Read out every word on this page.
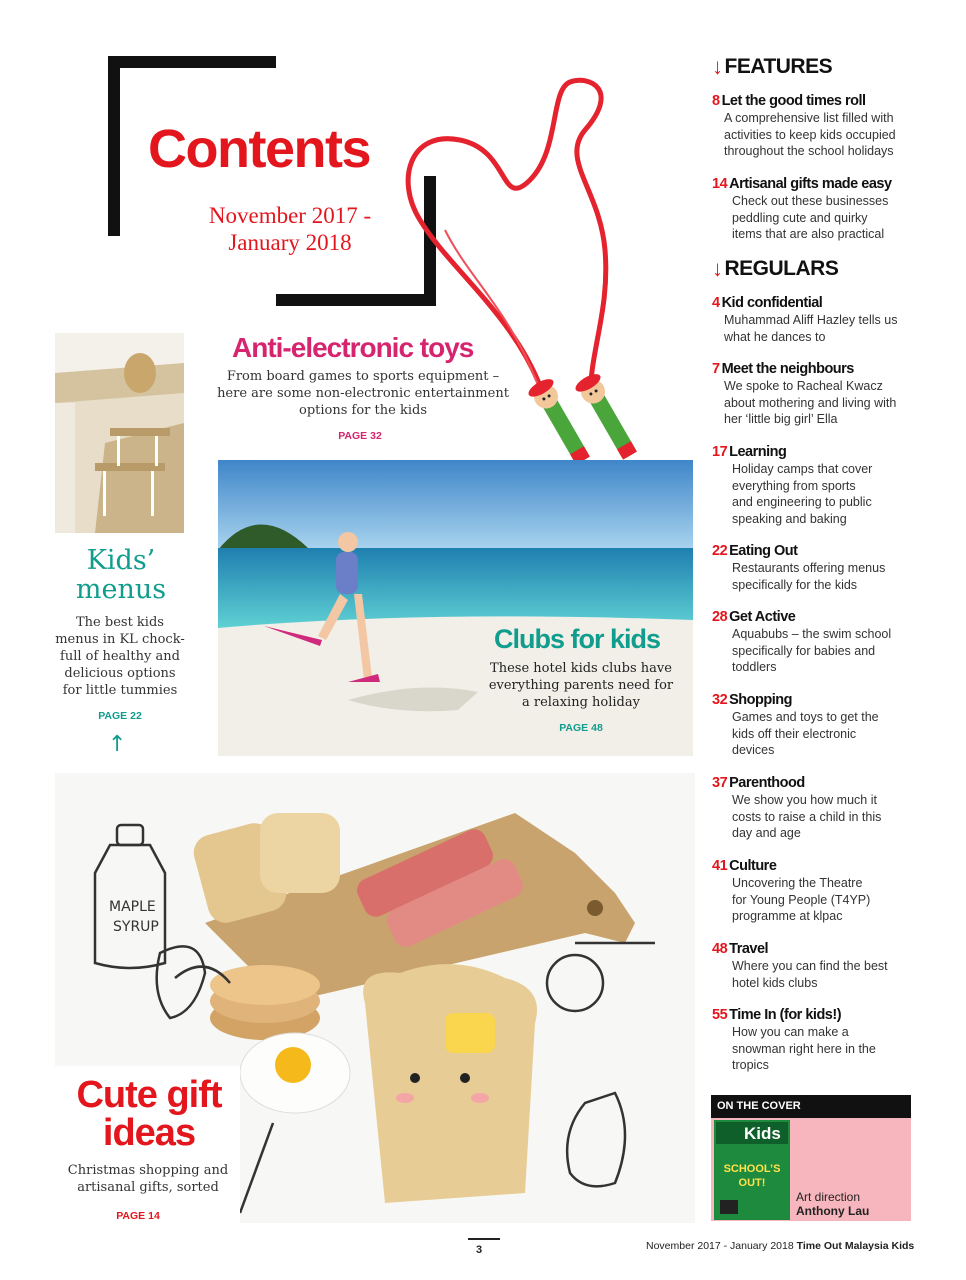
Contents
November 2017 -
January 2018
↓ FEATURES
8 Let the good times roll
A comprehensive list filled with
activities to keep kids occupied
throughout the school holidays
14 Artisanal gifts made easy
Check out these businesses
peddling cute and quirky
items that are also practical
↓ REGULARS
4 Kid confidential
Muhammad Aliff Hazley tells us
what he dances to
7 Meet the neighbours
We spoke to Racheal Kwacz
about mothering and living with
her ‘little big girl’ Ella
17 Learning
Holiday camps that cover
everything from sports
and engineering to public
speaking and baking
22 Eating Out
Restaurants offering menus
specifically for the kids
28 Get Active
Aquabubs – the swim school
specifically for babies and
toddlers
32 Shopping
Games and toys to get the
kids off their electronic
devices
37 Parenthood
We show you how much it
costs to raise a child in this
day and age
41 Culture
Uncovering the Theatre
for Young People (T4YP)
programme at klpac
48 Travel
Where you can find the best
hotel kids clubs
55 Time In (for kids!)
How you can make a
snowman right here in the
tropics
Anti-electronic toys
From board games to sports equipment –
here are some non-electronic entertainment
options for the kids
PAGE 32
Clubs for kids
These hotel kids clubs have
everything parents need for
a relaxing holiday
PAGE 48
Kids’
menus
The best kids
menus in KL chock-
full of healthy and
delicious options
for little tummies
PAGE 22
↑
MAPLE
SYRUP
Cute gift
ideas
Christmas shopping and
artisanal gifts, sorted
PAGE 14
ON THE COVER
Kids
SCHOOL’S
OUT!
Art direction
Anthony Lau
3	November 2017 - January 2018 Time Out Malaysia Kids
